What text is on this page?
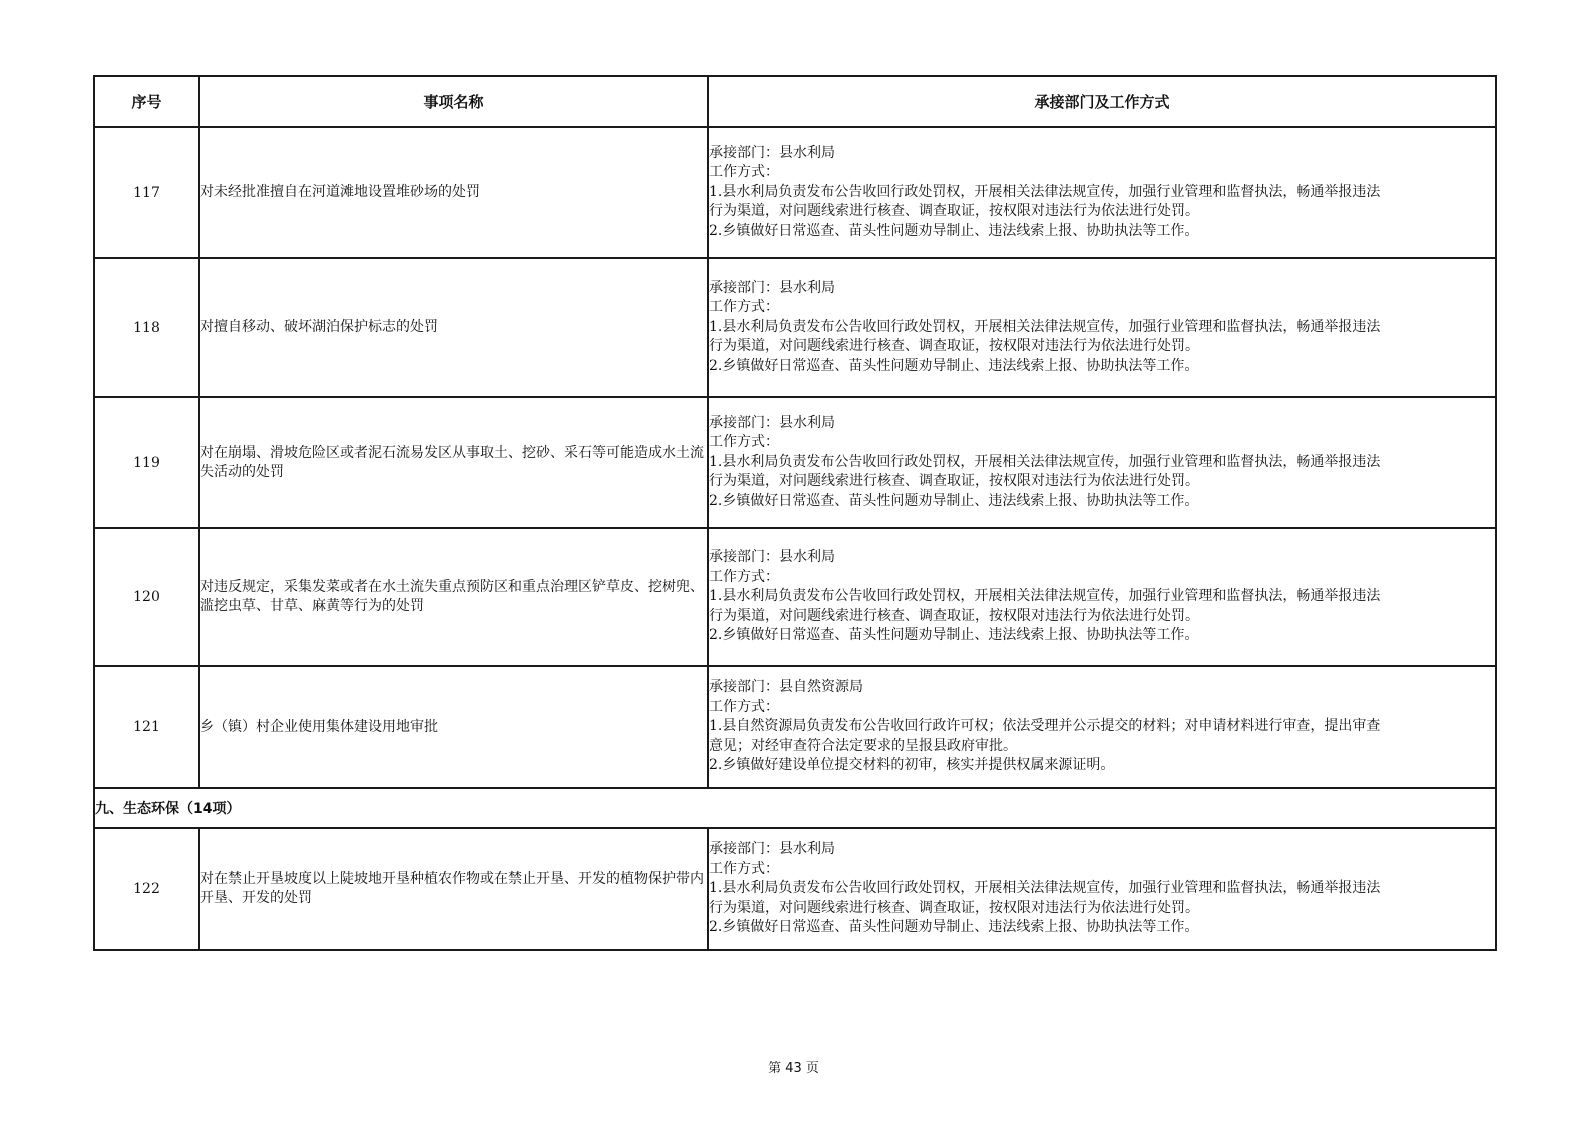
序号	事项名称	承接部门及工作方式
117	对未经批准擅自在河道滩地设置堆砂场的处罚	承接部门：县水利局
工作方式：
1.县水利局负责发布公告收回行政处罚权，开展相关法律法规宣传，加强行业管理和监督执法，畅通举报违法
行为渠道，对问题线索进行核查、调查取证，按权限对违法行为依法进行处罚。
2.乡镇做好日常巡查、苗头性问题劝导制止、违法线索上报、协助执法等工作。

118	对擅自移动、破坏湖泊保护标志的处罚	承接部门：县水利局
工作方式：
1.县水利局负责发布公告收回行政处罚权，开展相关法律法规宣传，加强行业管理和监督执法，畅通举报违法
行为渠道，对问题线索进行核查、调查取证，按权限对违法行为依法进行处罚。
2.乡镇做好日常巡查、苗头性问题劝导制止、违法线索上报、协助执法等工作。

119	对在崩塌、滑坡危险区或者泥石流易发区从事取土、挖砂、采石等可能造成水土流失活动的处罚	承接部门：县水利局
工作方式：
1.县水利局负责发布公告收回行政处罚权，开展相关法律法规宣传，加强行业管理和监督执法，畅通举报违法
行为渠道，对问题线索进行核查、调查取证，按权限对违法行为依法进行处罚。
2.乡镇做好日常巡查、苗头性问题劝导制止、违法线索上报、协助执法等工作。

120	对违反规定，采集发菜或者在水土流失重点预防区和重点治理区铲草皮、挖树兜、滥挖虫草、甘草、麻黄等行为的处罚	承接部门：县水利局
工作方式：
1.县水利局负责发布公告收回行政处罚权，开展相关法律法规宣传，加强行业管理和监督执法，畅通举报违法
行为渠道，对问题线索进行核查、调查取证，按权限对违法行为依法进行处罚。
2.乡镇做好日常巡查、苗头性问题劝导制止、违法线索上报、协助执法等工作。

121	乡（镇）村企业使用集体建设用地审批	承接部门：县自然资源局
工作方式：
1.县自然资源局负责发布公告收回行政许可权；依法受理并公示提交的材料；对申请材料进行审查，提出审查
意见；对经审查符合法定要求的呈报县政府审批。
2.乡镇做好建设单位提交材料的初审，核实并提供权属来源证明。

九、生态环保（14项）		
122	对在禁止开垦坡度以上陡坡地开垦种植农作物或在禁止开垦、开发的植物保护带内开垦、开发的处罚	承接部门：县水利局
工作方式：
1.县水利局负责发布公告收回行政处罚权，开展相关法律法规宣传，加强行业管理和监督执法，畅通举报违法
行为渠道，对问题线索进行核查、调查取证，按权限对违法行为依法进行处罚。
2.乡镇做好日常巡查、苗头性问题劝导制止、违法线索上报、协助执法等工作。
第 43 页
